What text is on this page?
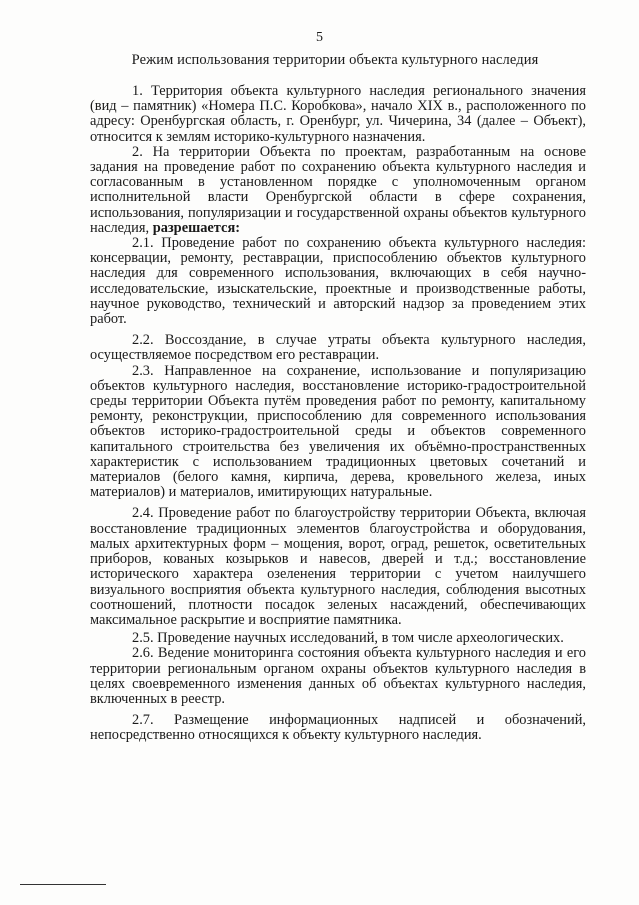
5
Режим использования территории объекта культурного наследия

1. Территория объекта культурного наследия регионального значения (вид – памятник) «Номера П.С. Коробкова», начало XIX в., расположенного по адресу: Оренбургская область, г. Оренбург, ул. Чичерина, 34 (далее – Объект), относится к землям историко-культурного назначения.

2. На территории Объекта по проектам, разработанным на основе задания на проведение работ по сохранению объекта культурного наследия и согласованным в установленном порядке с уполномоченным органом исполнительной власти Оренбургской области в сфере сохранения, использования, популяризации и государственной охраны объектов культурного наследия, разрешается:

2.1. Проведение работ по сохранению объекта культурного наследия: консервации, ремонту, реставрации, приспособлению объектов культурного наследия для современного использования, включающих в себя научно-исследовательские, изыскательские, проектные и производственные работы, научное руководство, технический и авторский надзор за проведением этих работ.

2.2. Воссоздание, в случае утраты объекта культурного наследия, осуществляемое посредством его реставрации.

2.3. Направленное на сохранение, использование и популяризацию объектов культурного наследия, восстановление историко-градостроительной среды территории Объекта путём проведения работ по ремонту, капитальному ремонту, реконструкции, приспособлению для современного использования объектов историко-градостроительной среды и объектов современного капитального строительства без увеличения их объёмно-пространственных характеристик с использованием традиционных цветовых сочетаний и материалов (белого камня, кирпича, дерева, кровельного железа, иных материалов) и материалов, имитирующих натуральные.

2.4. Проведение работ по благоустройству территории Объекта, включая восстановление традиционных элементов благоустройства и оборудования, малых архитектурных форм – мощения, ворот, оград, решеток, осветительных приборов, кованых козырьков и навесов, дверей и т.д.; восстановление исторического характера озеленения территории с учетом наилучшего визуального восприятия объекта культурного наследия, соблюдения высотных соотношений, плотности посадок зеленых насаждений, обеспечивающих максимальное раскрытие и восприятие памятника.

2.5. Проведение научных исследований, в том числе археологических.

2.6. Ведение мониторинга состояния объекта культурного наследия и его территории региональным органом охраны объектов культурного наследия в целях своевременного изменения данных об объектах культурного наследия, включенных в реестр.

2.7. Размещение информационных надписей и обозначений, непосредственно относящихся к объекту культурного наследия.
